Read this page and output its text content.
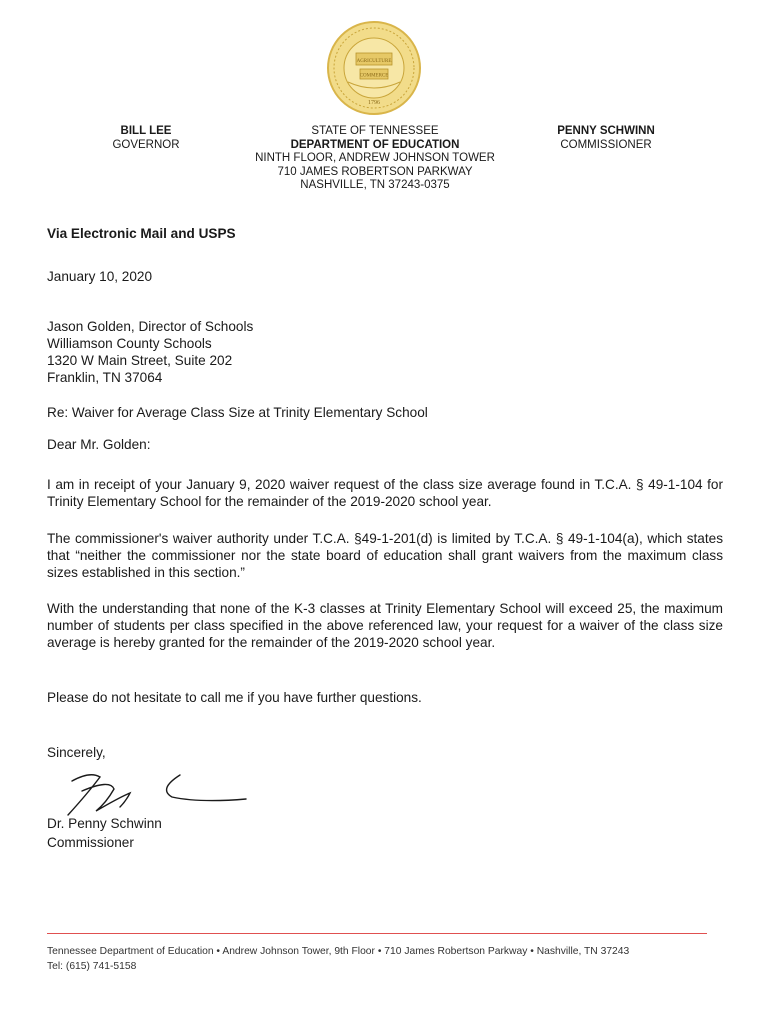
AGRICULTURE
COMMERCE
1796
BILL LEE
GOVERNOR
STATE OF TENNESSEE
DEPARTMENT OF EDUCATION
NINTH FLOOR, ANDREW JOHNSON TOWER
710 JAMES ROBERTSON PARKWAY
NASHVILLE, TN 37243-0375
PENNY SCHWINN
COMMISSIONER
Via Electronic Mail and USPS
January 10, 2020
Jason Golden, Director of Schools
Williamson County Schools
1320 W Main Street, Suite 202
Franklin, TN 37064
Re: Waiver for Average Class Size at Trinity Elementary School
Dear Mr. Golden:
I am in receipt of your January 9, 2020 waiver request of the class size average found in T.C.A. § 49-1-104 for Trinity Elementary School for the remainder of the 2019-2020 school year.
The commissioner's waiver authority under T.C.A. §49-1-201(d) is limited by T.C.A. § 49-1-104(a), which states that “neither the commissioner nor the state board of education shall grant waivers from the maximum class sizes established in this section.”
With the understanding that none of the K-3 classes at Trinity Elementary School will exceed 25, the maximum number of students per class specified in the above referenced law, your request for a waiver of the class size average is hereby granted for the remainder of the 2019-2020 school year.
Please do not hesitate to call me if you have further questions.
Sincerely,
Dr. Penny Schwinn
Commissioner
Tennessee Department of Education • Andrew Johnson Tower, 9th Floor • 710 James Robertson Parkway • Nashville, TN 37243
Tel: (615) 741-5158
